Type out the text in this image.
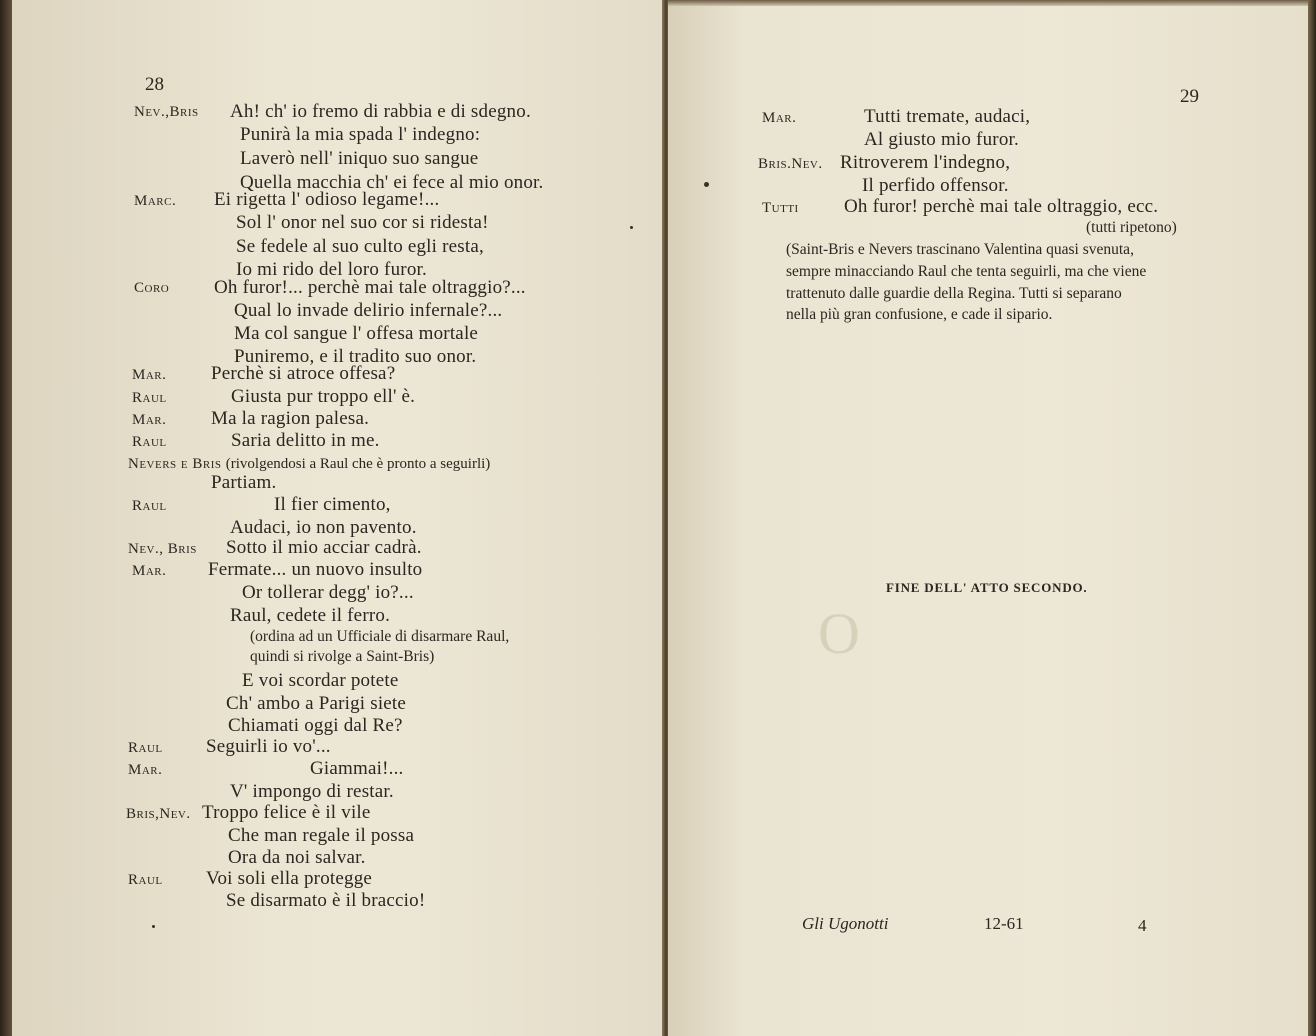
28
Nev.,Bris Ah! ch' io fremo di rabbia e di sdegno.
Punirà la mia spada l' indegno:
Laverò nell' iniquo suo sangue
Quella macchia ch' ei fece al mio onor.
Marc. Ei rigetta l' odioso legame!...
Sol l' onor nel suo cor si ridesta!
Se fedele al suo culto egli resta,
Io mi rido del loro furor.
Coro Oh furor!... perchè mai tale oltraggio?...
Qual lo invade delirio infernale?...
Ma col sangue l' offesa mortale
Puniremo, e il tradito suo onor.
Mar. Perchè si atroce offesa?
Raul	Giusta pur troppo ell' è.
Mar. Ma la ragion palesa.
Raul	Saria delitto in me.
Nevers e Bris (rivolgendosi a Raul che è pronto a seguirli)
Partiam.
Raul	Il fier cimento,
Audaci, io non pavento.
Nev., Bris Sotto il mio acciar cadrà.
Mar. Fermate... un nuovo insulto
Or tollerar degg' io?...
Raul, cedete il ferro.
(ordina ad un Ufficiale di disarmare Raul,
quindi si rivolge a Saint-Bris)
E voi scordar potete
Ch' ambo a Parigi siete
Chiamati oggi dal Re?
Raul Seguirli io vo'...
Mar.	Giammai!...
V' impongo di restar.
Bris,Nev. Troppo felice è il vile
Che man regale il possa
Ora da noi salvar.
Raul Voi soli ella protegge
Se disarmato è il braccio!
O
29
Mar.	Tutti tremate, audaci,
Al giusto mio furor.
Bris.Nev. Ritroverem l'indegno,
Il perfido offensor.
Tutti Oh furor! perchè mai tale oltraggio, ecc.
(tutti ripetono)
(Saint-Bris e Nevers trascinano Valentina quasi svenuta,
sempre minacciando Raul che tenta seguirli, ma che viene
trattenuto dalle guardie della Regina. Tutti si separano
nella più gran confusione, e cade il sipario.
FINE DELL' ATTO SECONDO.
Gli Ugonotti	12-61	4
